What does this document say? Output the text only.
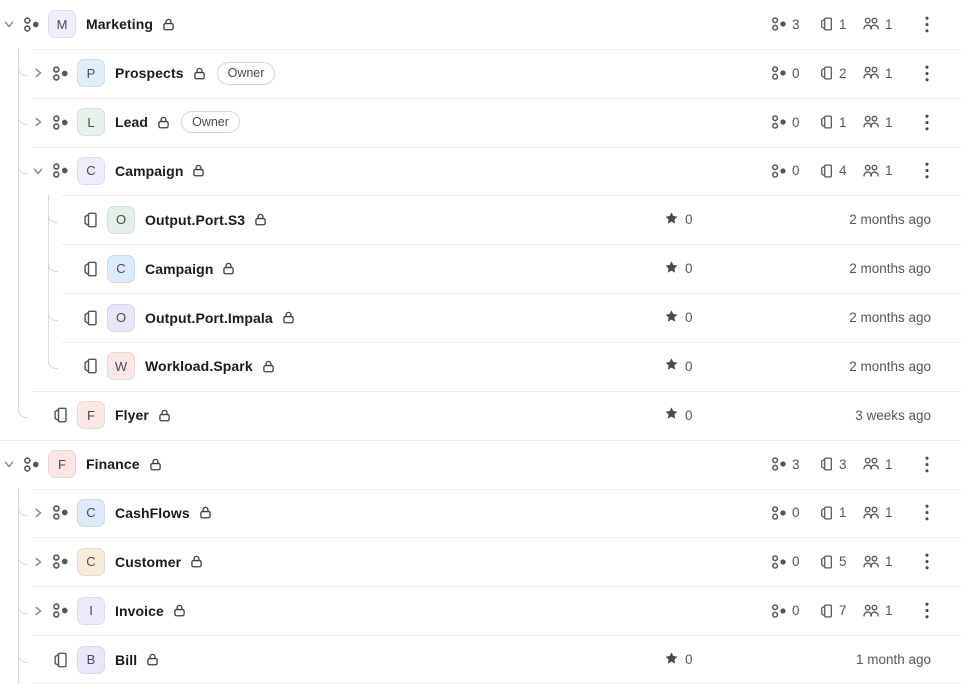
M Marketing	3	1	1
P Prospects	Owner	0	2	1
L Lead	Owner	0	1	1
C Campaign	0	4	1
O Output.Port.S3	0	2 months ago
C Campaign	0	2 months ago
O Output.Port.Impala	0	2 months ago
W Workload.Spark	0	2 months ago
F Flyer	0	3 weeks ago
F Finance	3	3	1
C CashFlows	0	1	1
C Customer	0	5	1
I Invoice	0	7	1
B Bill	0	1 month ago
